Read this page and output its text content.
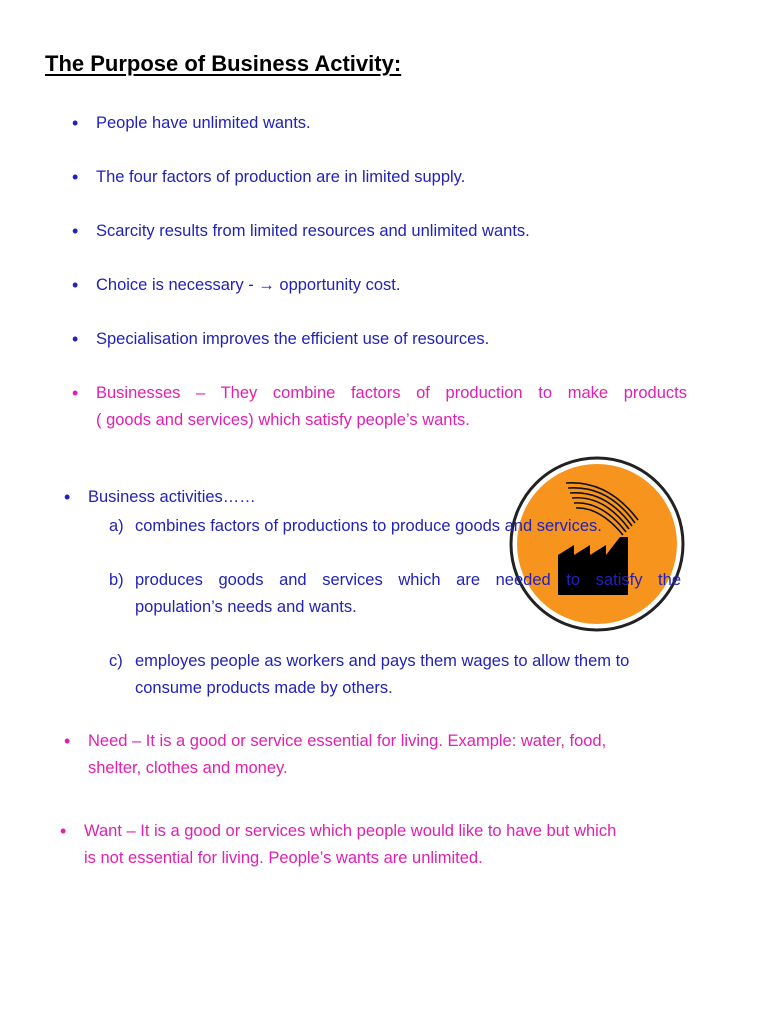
The Purpose of Business Activity:
• People have unlimited wants.
• The four factors of production are in limited supply.
• Scarcity results from limited resources and unlimited wants.
• Choice is necessary - → opportunity cost.
• Specialisation improves the efficient use of resources.
• Businesses – They combine factors of production to make products
( goods and services) which satisfy people’s wants.
• Business activities……
a) combines factors of productions to produce goods and services.
b) produces goods and services which are needed to satisfy the
population’s needs and wants.
c) employes people as workers and pays them wages to allow them to
consume products made by others.
• Need – It is a good or service essential for living. Example: water, food,
shelter, clothes and money.
• Want – It is a good or services which people would like to have but which
is not essential for living. People’s wants are unlimited.
